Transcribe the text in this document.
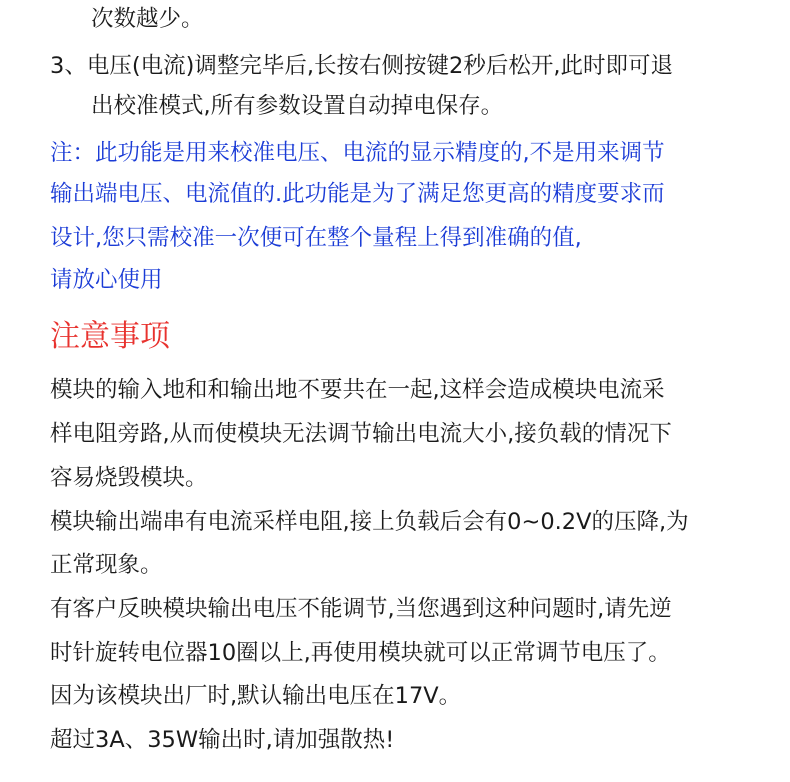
次数越少。
3、电压(电流)调整完毕后,长按右侧按键2秒后松开,此时即可退
出校准模式,所有参数设置自动掉电保存。
注：此功能是用来校准电压、电流的显示精度的,不是用来调节
输出端电压、电流值的.此功能是为了满足您更高的精度要求而
设计,您只需校准一次便可在整个量程上得到准确的值,
请放心使用
注意事项
模块的输入地和和输出地不要共在一起,这样会造成模块电流采
样电阻旁路,从而使模块无法调节输出电流大小,接负载的情况下
容易烧毁模块。
模块输出端串有电流采样电阻,接上负载后会有0~0.2V的压降,为
正常现象。
有客户反映模块输出电压不能调节,当您遇到这种问题时,请先逆
时针旋转电位器10圈以上,再使用模块就可以正常调节电压了。
因为该模块出厂时,默认输出电压在17V。
超过3A、35W输出时,请加强散热!
